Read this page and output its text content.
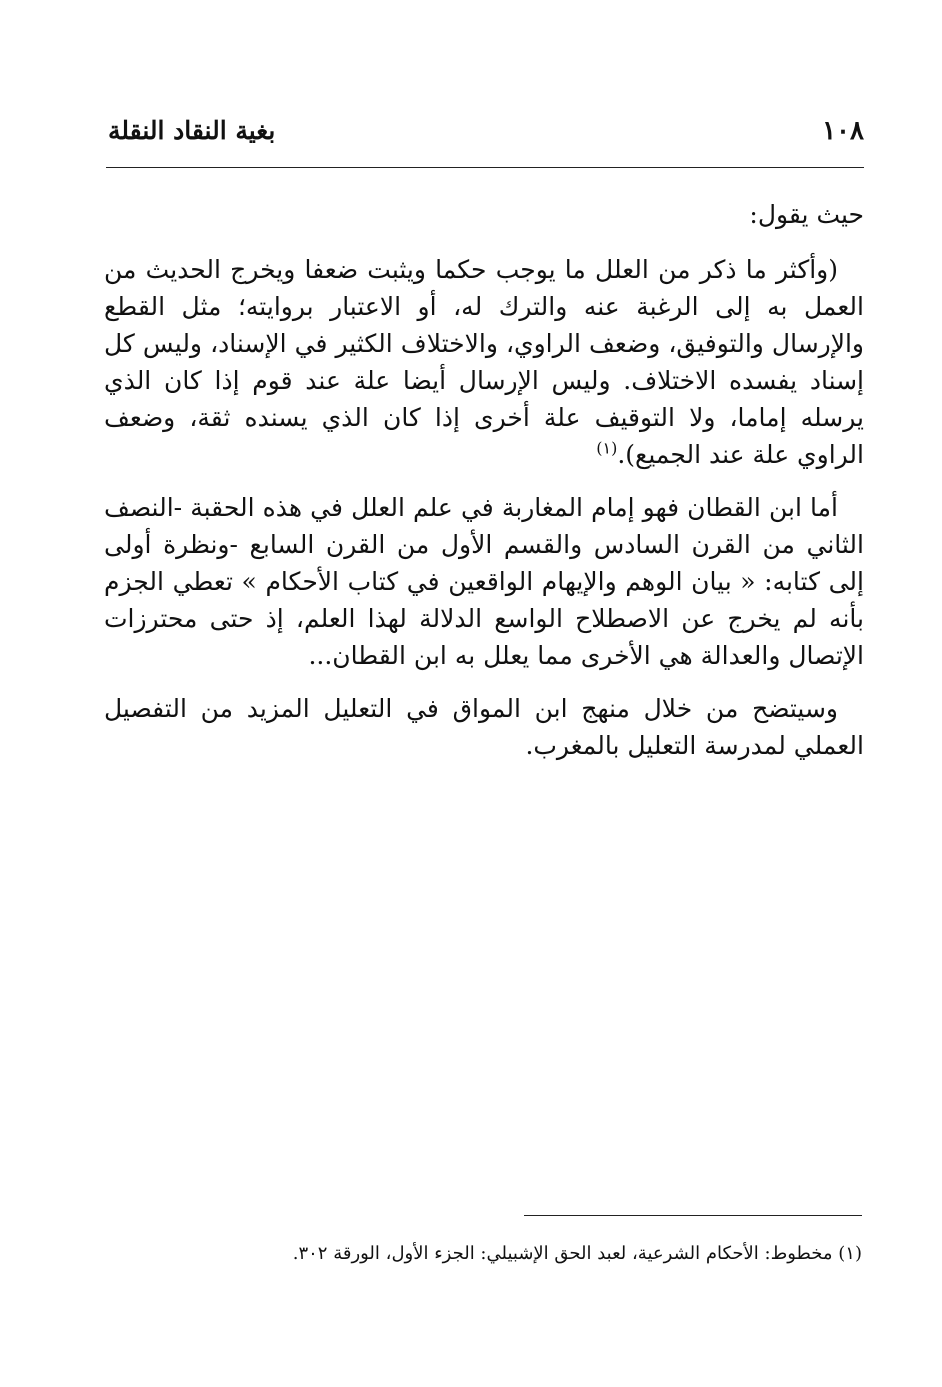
١٠٨
بغية النقاد النقلة

حيث يقول:

(وأكثر ما ذكر من العلل ما يوجب حكما ويثبت ضعفا ويخرج الحديث من العمل به إلى الرغبة عنه والترك له، أو الاعتبار بروايته؛ مثل القطع والإرسال والتوفيق، وضعف الراوي، والاختلاف الكثير في الإسناد، وليس كل إسناد يفسده الاختلاف. وليس الإرسال أيضا علة عند قوم إذا كان الذي يرسله إماما، ولا التوقيف علة أخرى إذا كان الذي يسنده ثقة، وضعف الراوي علة عند الجميع).$^{(١)}$

أما ابن القطان فهو إمام المغاربة في علم العلل في هذه الحقبة -النصف الثاني من القرن السادس والقسم الأول من القرن السابع -ونظرة أولى إلى كتابه: « بيان الوهم والإيهام الواقعين في كتاب الأحكام » تعطي الجزم بأنه لم يخرج عن الاصطلاح الواسع الدلالة لهذا العلم، إذ حتى محترزات الإتصال والعدالة هي الأخرى مما يعلل به ابن القطان...

وسيتضح من خلال منهج ابن المواق في التعليل المزيد من التفصيل العملي لمدرسة التعليل بالمغرب.

(١) مخطوط: الأحكام الشرعية، لعبد الحق الإشبيلي: الجزء الأول، الورقة ٣٠٢.
